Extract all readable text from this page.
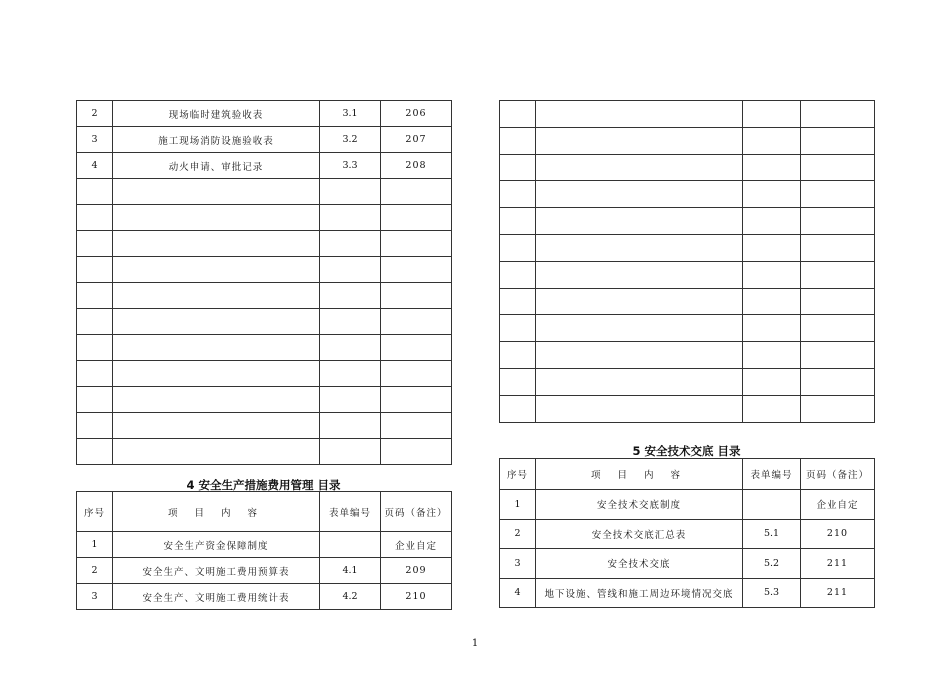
2	现场临时建筑验收表	3.1	206
3	施工现场消防设施验收表	3.2	207
4	动火申请、审批记录	3.3	208

4 安全生产措施费用管理 目录
序号	项 目 内 容	表单编号	页码（备注）
1	安全生产资金保障制度		企业自定
2	安全生产、文明施工费用预算表	4.1	209
3	安全生产、文明施工费用统计表	4.2	210

5 安全技术交底 目录
序号	项 目 内 容	表单编号	页码（备注）
1	安全技术交底制度		企业自定
2	安全技术交底汇总表	5.1	210
3	安全技术交底	5.2	211
4	地下设施、管线和施工周边环境情况交底	5.3	211
1
